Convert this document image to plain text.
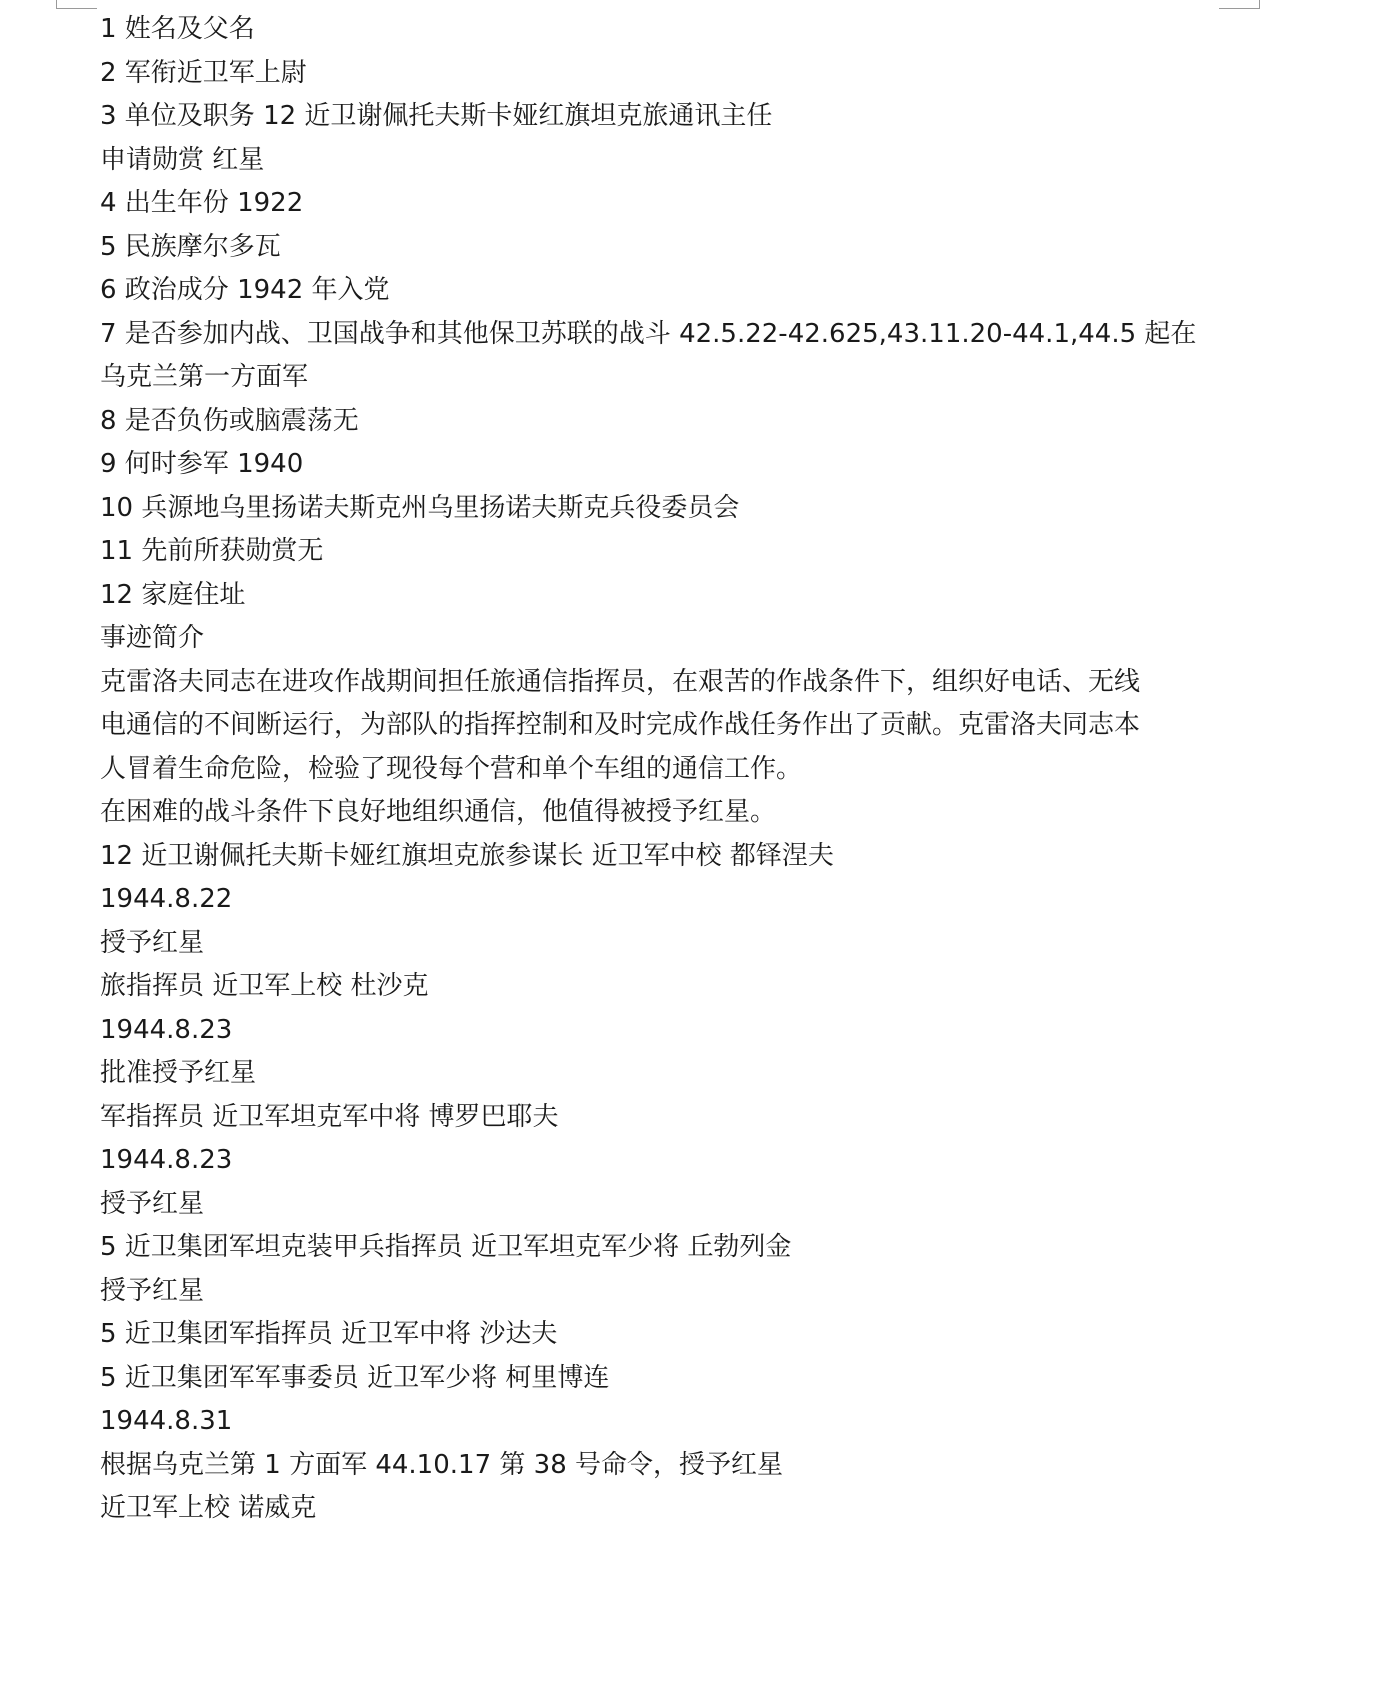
1 姓名及父名
2 军衔近卫军上尉
3 单位及职务 12 近卫谢佩托夫斯卡娅红旗坦克旅通讯主任
申请勋赏 红星
4 出生年份 1922
5 民族摩尔多瓦
6 政治成分 1942 年入党
7 是否参加内战、卫国战争和其他保卫苏联的战斗 42.5.22-42.625,43.11.20-44.1,44.5 起在
乌克兰第一方面军
8 是否负伤或脑震荡无
9 何时参军 1940
10 兵源地乌里扬诺夫斯克州乌里扬诺夫斯克兵役委员会
11 先前所获勋赏无
12 家庭住址
事迹简介
克雷洛夫同志在进攻作战期间担任旅通信指挥员，在艰苦的作战条件下，组织好电话、无线
电通信的不间断运行，为部队的指挥控制和及时完成作战任务作出了贡献。克雷洛夫同志本
人冒着生命危险，检验了现役每个营和单个车组的通信工作。
在困难的战斗条件下良好地组织通信，他值得被授予红星。
12 近卫谢佩托夫斯卡娅红旗坦克旅参谋长 近卫军中校 都铎涅夫
1944.8.22
授予红星
旅指挥员 近卫军上校 杜沙克
1944.8.23
批准授予红星
军指挥员 近卫军坦克军中将 博罗巴耶夫
1944.8.23
授予红星
5 近卫集团军坦克装甲兵指挥员 近卫军坦克军少将 丘勃列金
授予红星
5 近卫集团军指挥员 近卫军中将 沙达夫
5 近卫集团军军事委员 近卫军少将 柯里博连
1944.8.31
根据乌克兰第 1 方面军 44.10.17 第 38 号命令，授予红星
近卫军上校 诺威克
